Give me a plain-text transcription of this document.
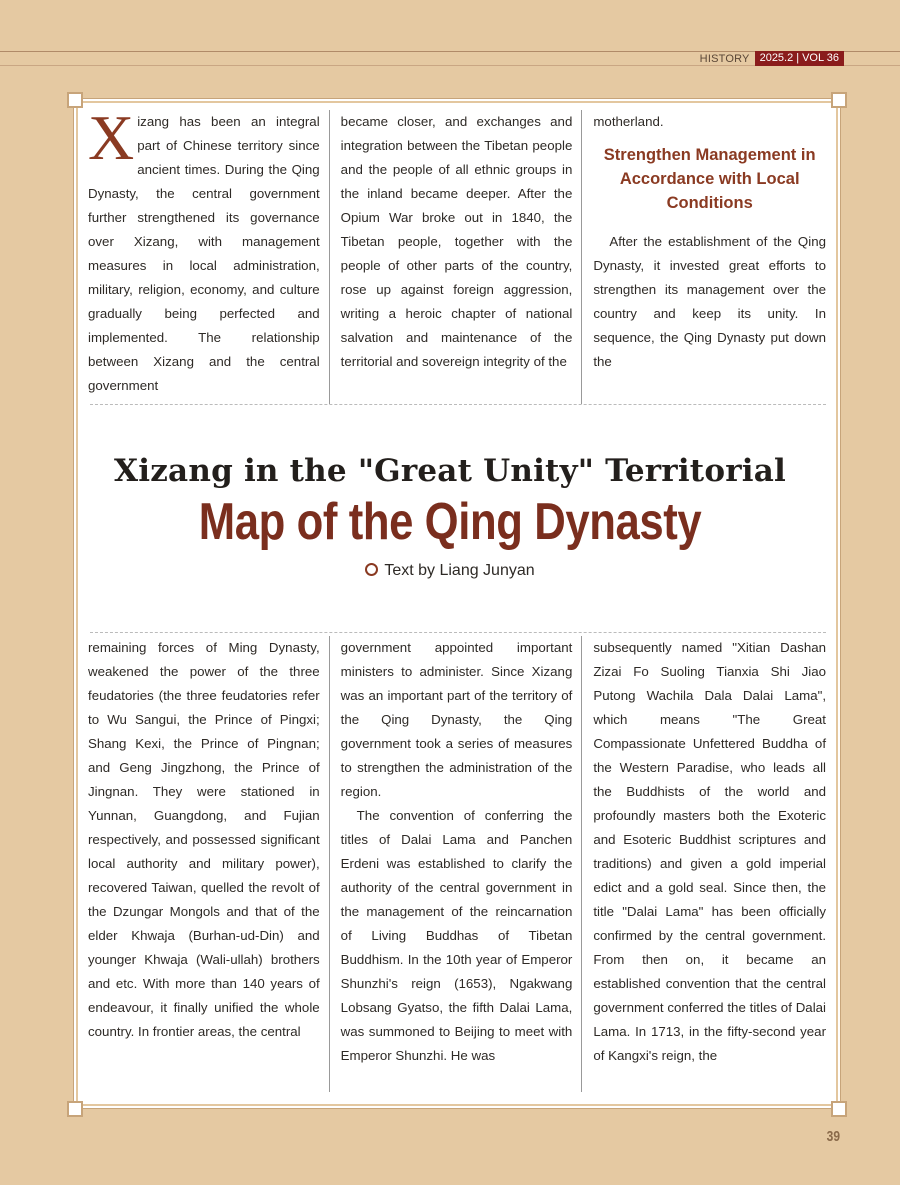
HISTORY 2025.2 | VOL 36
Xizang has been an integral part of Chinese territory since ancient times. During the Qing Dynasty, the central government further strengthened its governance over Xizang, with management measures in local administration, military, religion, economy, and culture gradually being perfected and implemented. The relationship between Xizang and the central government
became closer, and exchanges and integration between the Tibetan people and the people of all ethnic groups in the inland became deeper. After the Opium War broke out in 1840, the Tibetan people, together with the people of other parts of the country, rose up against foreign aggression, writing a heroic chapter of national salvation and maintenance of the territorial and sovereign integrity of the

motherland.

Strengthen Management in Accordance with Local Conditions

After the establishment of the Qing Dynasty, it invested great efforts to strengthen its management over the country and keep its unity. In sequence, the Qing Dynasty put down the

Xizang in the "Great Unity" Territorial
Map of the Qing Dynasty
Text by Liang Junyan
remaining forces of Ming Dynasty, weakened the power of the three feudatories (the three feudatories refer to Wu Sangui, the Prince of Pingxi; Shang Kexi, the Prince of Pingnan; and Geng Jingzhong, the Prince of Jingnan. They were stationed in Yunnan, Guangdong, and Fujian respectively, and possessed significant local authority and military power), recovered Taiwan, quelled the revolt of the Dzungar Mongols and that of the elder Khwaja (Burhan-ud-Din) and younger Khwaja (Wali-ullah) brothers and etc. With more than 140 years of endeavour, it finally unified the whole country. In frontier areas, the central

government appointed important ministers to administer. Since Xizang was an important part of the territory of the Qing Dynasty, the Qing government took a series of measures to strengthen the administration of the region.

The convention of conferring the titles of Dalai Lama and Panchen Erdeni was established to clarify the authority of the central government in the management of the reincarnation of Living Buddhas of Tibetan Buddhism. In the 10th year of Emperor Shunzhi's reign (1653), Ngakwang Lobsang Gyatso, the fifth Dalai Lama, was summoned to Beijing to meet with Emperor Shunzhi. He was

subsequently named "Xitian Dashan Zizai Fo Suoling Tianxia Shi Jiao Putong Wachila Dala Dalai Lama", which means "The Great Compassionate Unfettered Buddha of the Western Paradise, who leads all the Buddhists of the world and profoundly masters both the Exoteric and Esoteric Buddhist scriptures and traditions) and given a gold imperial edict and a gold seal. Since then, the title "Dalai Lama" has been officially confirmed by the central government. From then on, it became an established convention that the central government conferred the titles of Dalai Lama. In 1713, in the fifty-second year of Kangxi's reign, the
39
